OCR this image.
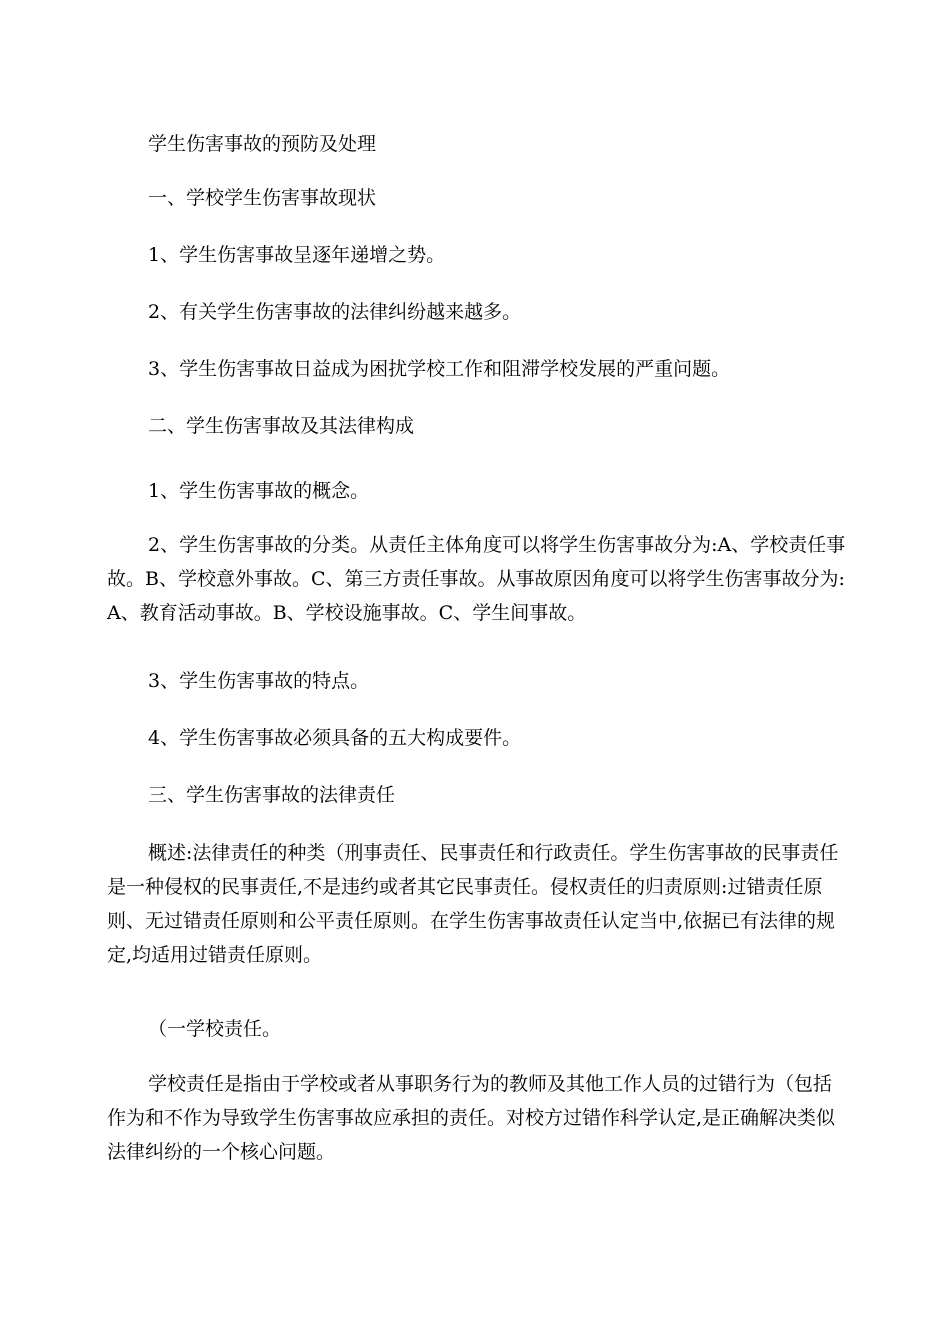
学生伤害事故的预防及处理

一、学校学生伤害事故现状

1、学生伤害事故呈逐年递增之势。

2、有关学生伤害事故的法律纠纷越来越多。

3、学生伤害事故日益成为困扰学校工作和阻滞学校发展的严重问题。

二、学生伤害事故及其法律构成

1、学生伤害事故的概念。

2、学生伤害事故的分类。从责任主体角度可以将学生伤害事故分为:A、学校责任事故。B、学校意外事故。C、第三方责任事故。从事故原因角度可以将学生伤害事故分为:A、教育活动事故。B、学校设施事故。C、学生间事故。

3、学生伤害事故的特点。

4、学生伤害事故必须具备的五大构成要件。

三、学生伤害事故的法律责任

概述:法律责任的种类（刑事责任、民事责任和行政责任。学生伤害事故的民事责任是一种侵权的民事责任,不是违约或者其它民事责任。侵权责任的归责原则:过错责任原则、无过错责任原则和公平责任原则。在学生伤害事故责任认定当中,依据已有法律的规定,均适用过错责任原则。

（一学校责任。

学校责任是指由于学校或者从事职务行为的教师及其他工作人员的过错行为（包括作为和不作为导致学生伤害事故应承担的责任。对校方过错作科学认定,是正确解决类似法律纠纷的一个核心问题。
